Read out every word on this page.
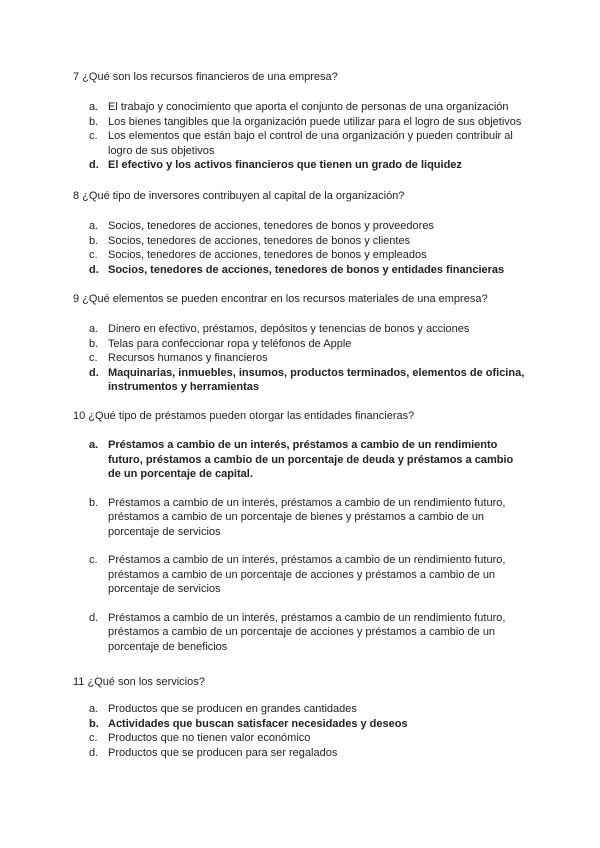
7 ¿Qué son los recursos financieros de una empresa?

a. El trabajo y conocimiento que aporta el conjunto de personas de una organización
b. Los bienes tangibles que la organización puede utilizar para el logro de sus objetivos
c. Los elementos que están bajo el control de una organización y pueden contribuir al logro de sus objetivos
d. El efectivo y los activos financieros que tienen un grado de liquidez

8 ¿Qué tipo de inversores contribuyen al capital de la organización?

a. Socios, tenedores de acciones, tenedores de bonos y proveedores
b. Socios, tenedores de acciones, tenedores de bonos y clientes
c. Socios, tenedores de acciones, tenedores de bonos y empleados
d. Socios, tenedores de acciones, tenedores de bonos y entidades financieras

9 ¿Qué elementos se pueden encontrar en los recursos materiales de una empresa?

a. Dinero en efectivo, préstamos, depósitos y tenencias de bonos y acciones
b. Telas para confeccionar ropa y teléfonos de Apple
c. Recursos humanos y financieros
d. Maquinarias, inmuebles, insumos, productos terminados, elementos de oficina, instrumentos y herramientas

10 ¿Qué tipo de préstamos pueden otorgar las entidades financieras?

a. Préstamos a cambio de un interés, préstamos a cambio de un rendimiento futuro, préstamos a cambio de un porcentaje de deuda y préstamos a cambio de un porcentaje de capital.
b. Préstamos a cambio de un interés, préstamos a cambio de un rendimiento futuro, préstamos a cambio de un porcentaje de bienes y préstamos a cambio de un porcentaje de servicios
c. Préstamos a cambio de un interés, préstamos a cambio de un rendimiento futuro, préstamos a cambio de un porcentaje de acciones y préstamos a cambio de un porcentaje de servicios
d. Préstamos a cambio de un interés, préstamos a cambio de un rendimiento futuro, préstamos a cambio de un porcentaje de acciones y préstamos a cambio de un porcentaje de beneficios

11 ¿Qué son los servicios?

a. Productos que se producen en grandes cantidades
b. Actividades que buscan satisfacer necesidades y deseos
c. Productos que no tienen valor económico
d. Productos que se producen para ser regalados
